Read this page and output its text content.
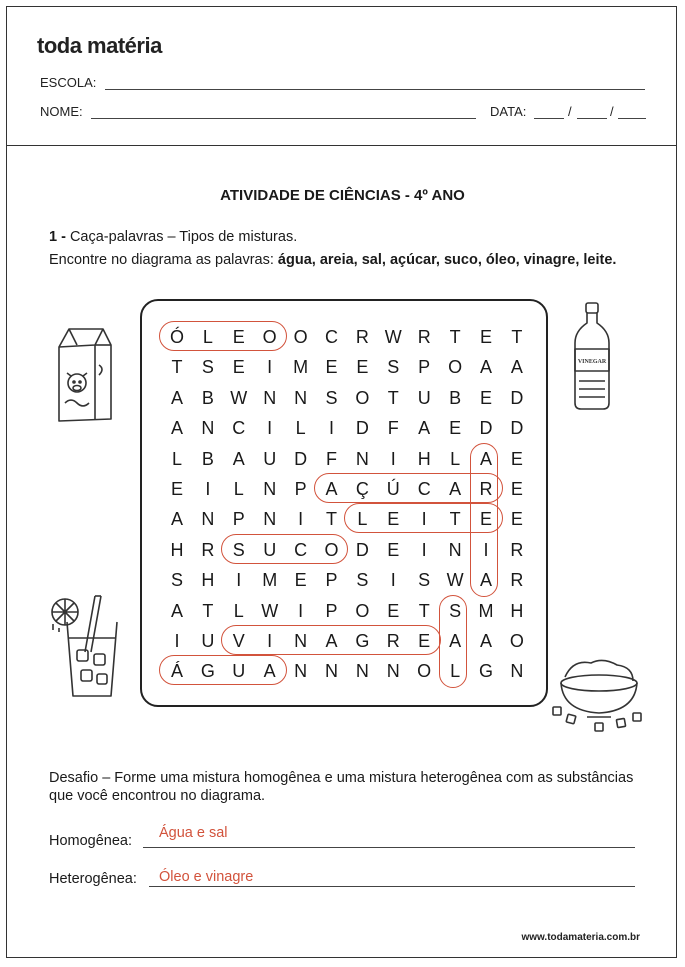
toda matéria
ESCOLA:
NOME:	DATA:	/	/
ATIVIDADE DE CIÊNCIAS - 4º ANO
1 - Caça-palavras – Tipos de misturas.
Encontre no diagrama as palavras: água, areia, sal, açúcar, suco, óleo, vinagre, leite.
VINEGAR
Desafio – Forme uma mistura homogênea e uma mistura heterogênea com as substâncias que você encontrou no diagrama.
Homogênea: Água e sal
Heterogênea: Óleo e vinagre
www.todamateria.com.br
Ó	L	E O O C R W R	T	E	T
T	S	E	I	M E	E	S	P O A	A
A	B W N N	S O	T	U	B	E	D
A	N C	I	L	I	D	F	A	E	D D
L	B	A	U D	F	N	I	H	L	A	E
E	I	L	N	P	A	Ç Ú C	A	R	E
A	N	P	N	I	T	L	E	I	T	E	E
H R	S	U C O D	E	I	N	I	R
S	H	I	M E	P	S	I	S W A	R
A	T	L W	I	P O E	T	S M H
I	U	V	I	N	A G R	E	A	A O
Á G U	A	N N N N O	L	G N
